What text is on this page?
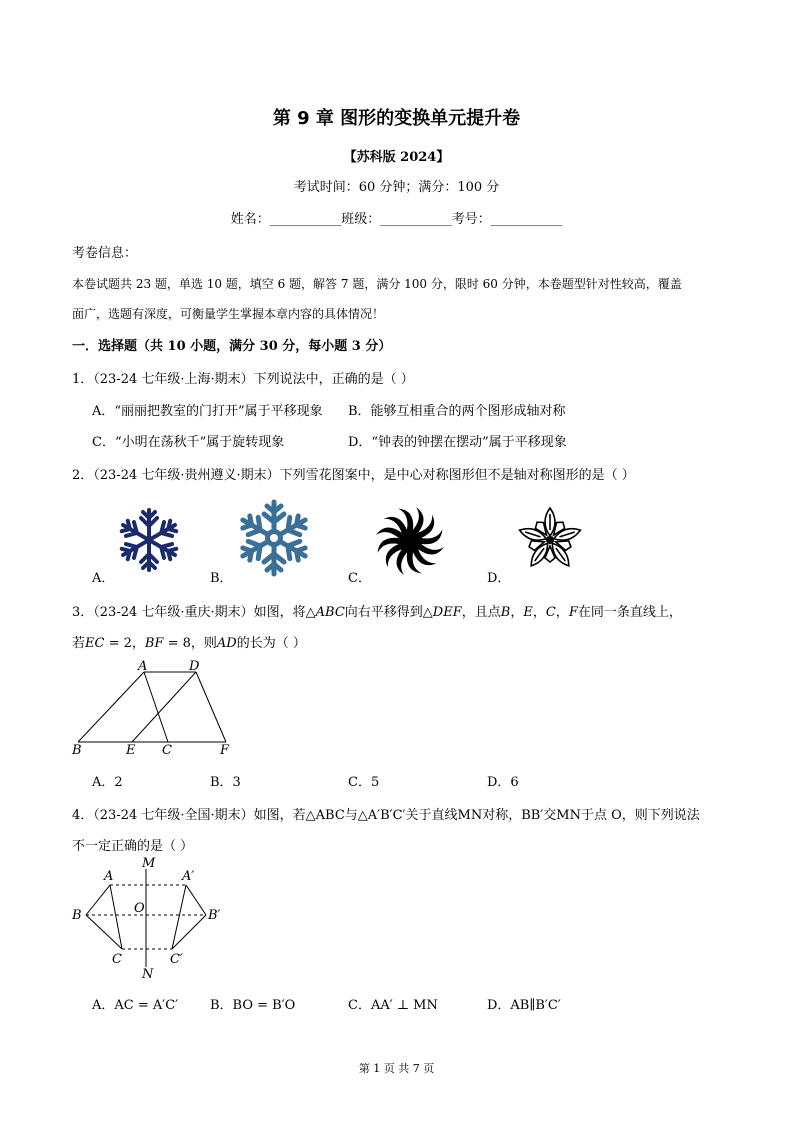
第 9 章 图形的变换单元提升卷
【苏科版 2024】
考试时间：60 分钟；满分：100 分
姓名：___________班级：___________考号：___________
考卷信息：
本卷试题共 23 题，单选 10 题，填空 6 题，解答 7 题，满分 100 分，限时 60 分钟，本卷题型针对性较高，覆盖
面广，选题有深度，可衡量学生掌握本章内容的具体情况！
一．选择题（共 10 小题，满分 30 分，每小题 3 分）
1．（23-24 七年级·上海·期末）下列说法中，正确的是（ ）
A．“丽丽把教室的门打开”属于平移现象 B．能够互相重合的两个图形成轴对称
C．“小明在荡秋千”属于旋转现象	D．“钟表的钟摆在摆动”属于平移现象
2．（23-24 七年级·贵州遵义·期末）下列雪花图案中，是中心对称图形但不是轴对称图形的是（ ）
A．	B．	C．	D．
3．（23-24 七年级·重庆·期末）如图，将△ABC向右平移得到△DEF，且点B，E，C，F在同一条直线上，
若EC = 2，BF = 8，则AD的长为（ ）
A	D
B	E C	F
A．2	B．3	C．5	D．6
4．（23-24 七年级·全国·期末）如图，若△ABC与△A′B′C′关于直线MN对称，BB′交MN于点 O，则下列说法
不一定正确的是（ ）
M
N
A	A′
B	B′
C	C′
O
A．AC = A′C′ B．BO = B′O	C．AA′ ⊥ MN	D．AB∥B′C′
第 1 页 共 7 页
